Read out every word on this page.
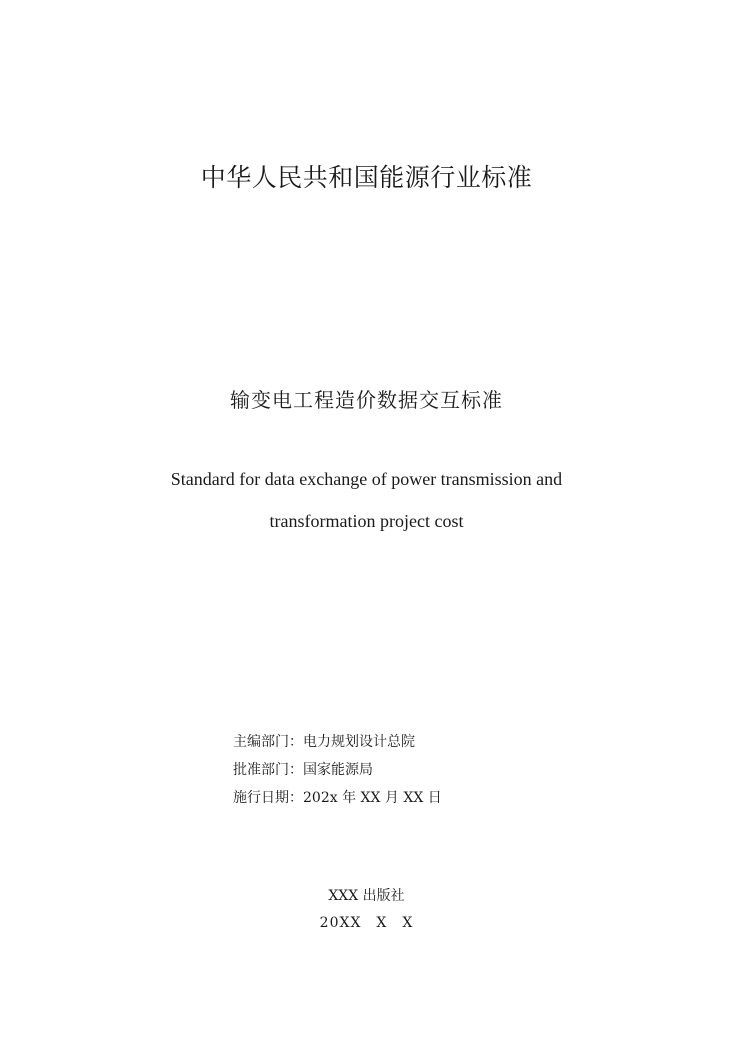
中华人民共和国能源行业标准
输变电工程造价数据交互标准
Standard for data exchange of power transmission and
transformation project cost
主编部门：电力规划设计总院
批准部门：国家能源局
施行日期：202x 年 XX 月 XX 日
XXX 出版社
20XX　X　X
